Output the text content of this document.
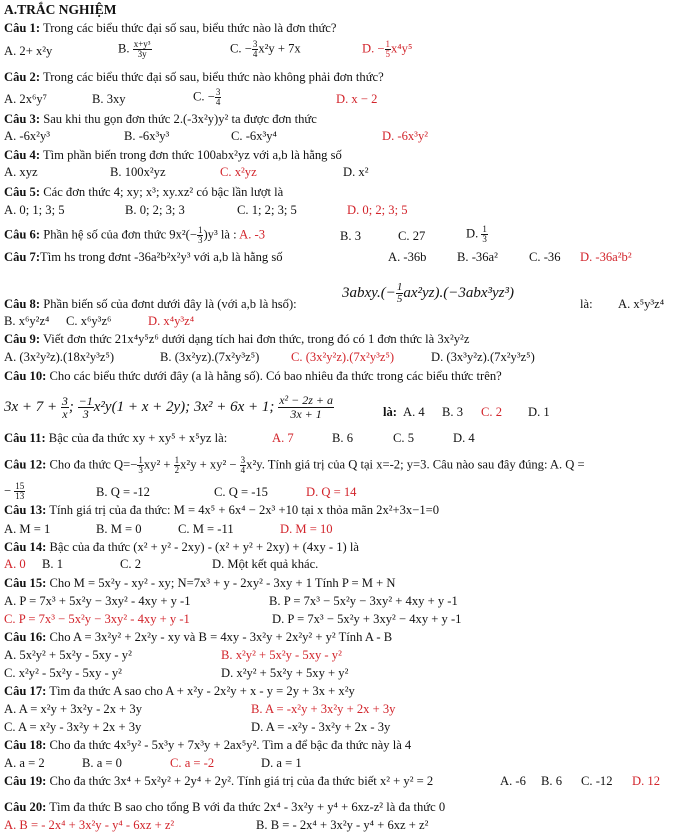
A.TRẮC NGHIỆM
Câu 1: Trong các biểu thức đại số sau, biểu thức nào là đơn thức?
A. 2+ x²y	B. $\frac{\text{x+y³}}{3y}$	C. − $\frac{3}{4} x^2y + 7x$	D. − $\frac{1}{5} x^4y^5$
Câu 2: Trong các biểu thức đại số sau, biểu thức nào không phải đơn thức?
A. 2x⁶y⁷	B. 3xy	C. − $\frac{3}{4}$	D. x − 2
Câu 3: Sau khi thu gọn đơn thức 2.(-3x²y)y² ta được đơn thức
A. -6x²y³	B. -6x³y³	C. -6x³y⁴	D. -6x³y²
Câu 4: Tìm phần biến trong đơn thức 100abx²yz với a,b là hằng số
A. xyz	B. 100x²yz	C. x²yz	D. x²
Câu 5: Các đơn thức 4; xy; x³; xy.xz² có bậc lần lượt là
A. 0; 1; 3; 5	B. 0; 2; 3; 3	C. 1; 2; 3; 5	D. 0; 2; 3; 5
Câu 6: Phần hệ số của đơn thức $9x^2(- \frac{1}{3} )y^3$ là : A. -3	B. 3	C. 27	D. $\frac{1}{3}$
Câu 7:Tìm hs trong đơnt -36a²b²x²y³ với a,b là hằng số	A. -36b B. -36a² C. -36 D. -36a²b²
Câu 8: Phần biến số của đơnt dưới đây là (với a,b là hsố):
3abxy.(− $\frac{1}{5} ax^2yz).(-3abx^3yz^3)$
là: A. x⁵y³z⁴
B. x⁶y²z⁴ C. x⁶y³z⁶	D. x⁴y³z⁴
Câu 9: Viết đơn thức 21x⁴y⁵z⁶ dưới dạng tích hai đơn thức, trong đó có 1 đơn thức là 3x²y²z
A. (3x²y²z).(18x²y³z⁵)	B. (3x²yz).(7x²y³z⁵)	C. (3x²y²z).(7x²y³z⁵)	D. (3x³y²z).(7x²y³z⁵)
Câu 10: Cho các biểu thức dưới đây (a là hằng số). Có bao nhiêu đa thức trong các biểu thức trên?
$3x + 7 + \frac{3}{x}$ ; $\frac{-1}{3} x^2y(1 + x + 2y)$; 3x² + 6x + 1; $\frac{\text{x² − 2z + a}}{3x + 1}$	là: A. 4 B. 3 C. 2 D. 1
Câu 11: Bậc của đa thức xy + xy⁵ + x⁵yz là:	A. 7	B. 6	C. 5	D. 4
Câu 12: Cho đa thức $Q=- \frac{1}{3} xy^2 + \frac{1}{2} x^2y + xy^2 - \frac{3}{4} x^2y$. Tính giá trị của Q tại x=-2; y=3. Câu nào sau đây đúng: A. Q =
− $\frac{15}{13}$	B. Q = -12	C. Q = -15	D. Q = 14
Câu 13: Tính giá trị của đa thức: M = 4x⁵ + 6x⁴ − 2x³ +10 tại x thỏa mãn 2x²+3x−1=0
A. M = 1	B. M = 0	C. M = -11	D. M = 10
Câu 14: Bậc của đa thức (x² + y² - 2xy) - (x² + y² + 2xy) + (4xy - 1) là
A. 0 B. 1	C. 2	D. Một kết quả khác.
Câu 15: Cho M = 5x²y - xy² - xy; N=7x³ + y - 2xy² - 3xy + 1 Tính P = M + N
A. P = 7x³ + 5x²y − 3xy² - 4xy + y -1	B. P = 7x³ − 5x²y − 3xy² + 4xy + y -1
C. P = 7x³ − 5x²y − 3xy² - 4xy + y -1	D. P = 7x³ − 5x²y + 3xy² − 4xy + y -1
Câu 16: Cho A = 3x²y² + 2x²y - xy và B = 4xy - 3x²y + 2x²y² + y² Tính A - B
A. 5x²y² + 5x²y - 5xy - y²	B. x²y² + 5x²y - 5xy - y²
C. x²y² - 5x²y - 5xy - y²	D. x²y² + 5x²y + 5xy + y²
Câu 17: Tìm đa thức A sao cho A + x²y - 2x²y + x - y = 2y + 3x + x²y
A. A = x²y + 3x²y - 2x + 3y	B. A = -x²y + 3x²y + 2x + 3y
C. A = x²y - 3x²y + 2x + 3y	D. A = -x²y - 3x²y + 2x - 3y
Câu 18: Cho đa thức 4x⁵y² - 5x³y + 7x³y + 2ax⁵y². Tìm a để bậc đa thức này là 4
A. a = 2	B. a = 0	C. a = -2	D. a = 1
Câu 19: Cho đa thức 3x⁴ + 5x²y² + 2y⁴ + 2y². Tính giá trị của đa thức biết x² + y² = 2	A. -6 B. 6 C. -12 D. 12
Câu 20: Tìm đa thức B sao cho tổng B với đa thức 2x⁴ - 3x²y + y⁴ + 6xz-z² là đa thức 0
A. B = - 2x⁴ + 3x²y - y⁴ - 6xz + z²	B. B = - 2x⁴ + 3x²y - y⁴ + 6xz + z²
